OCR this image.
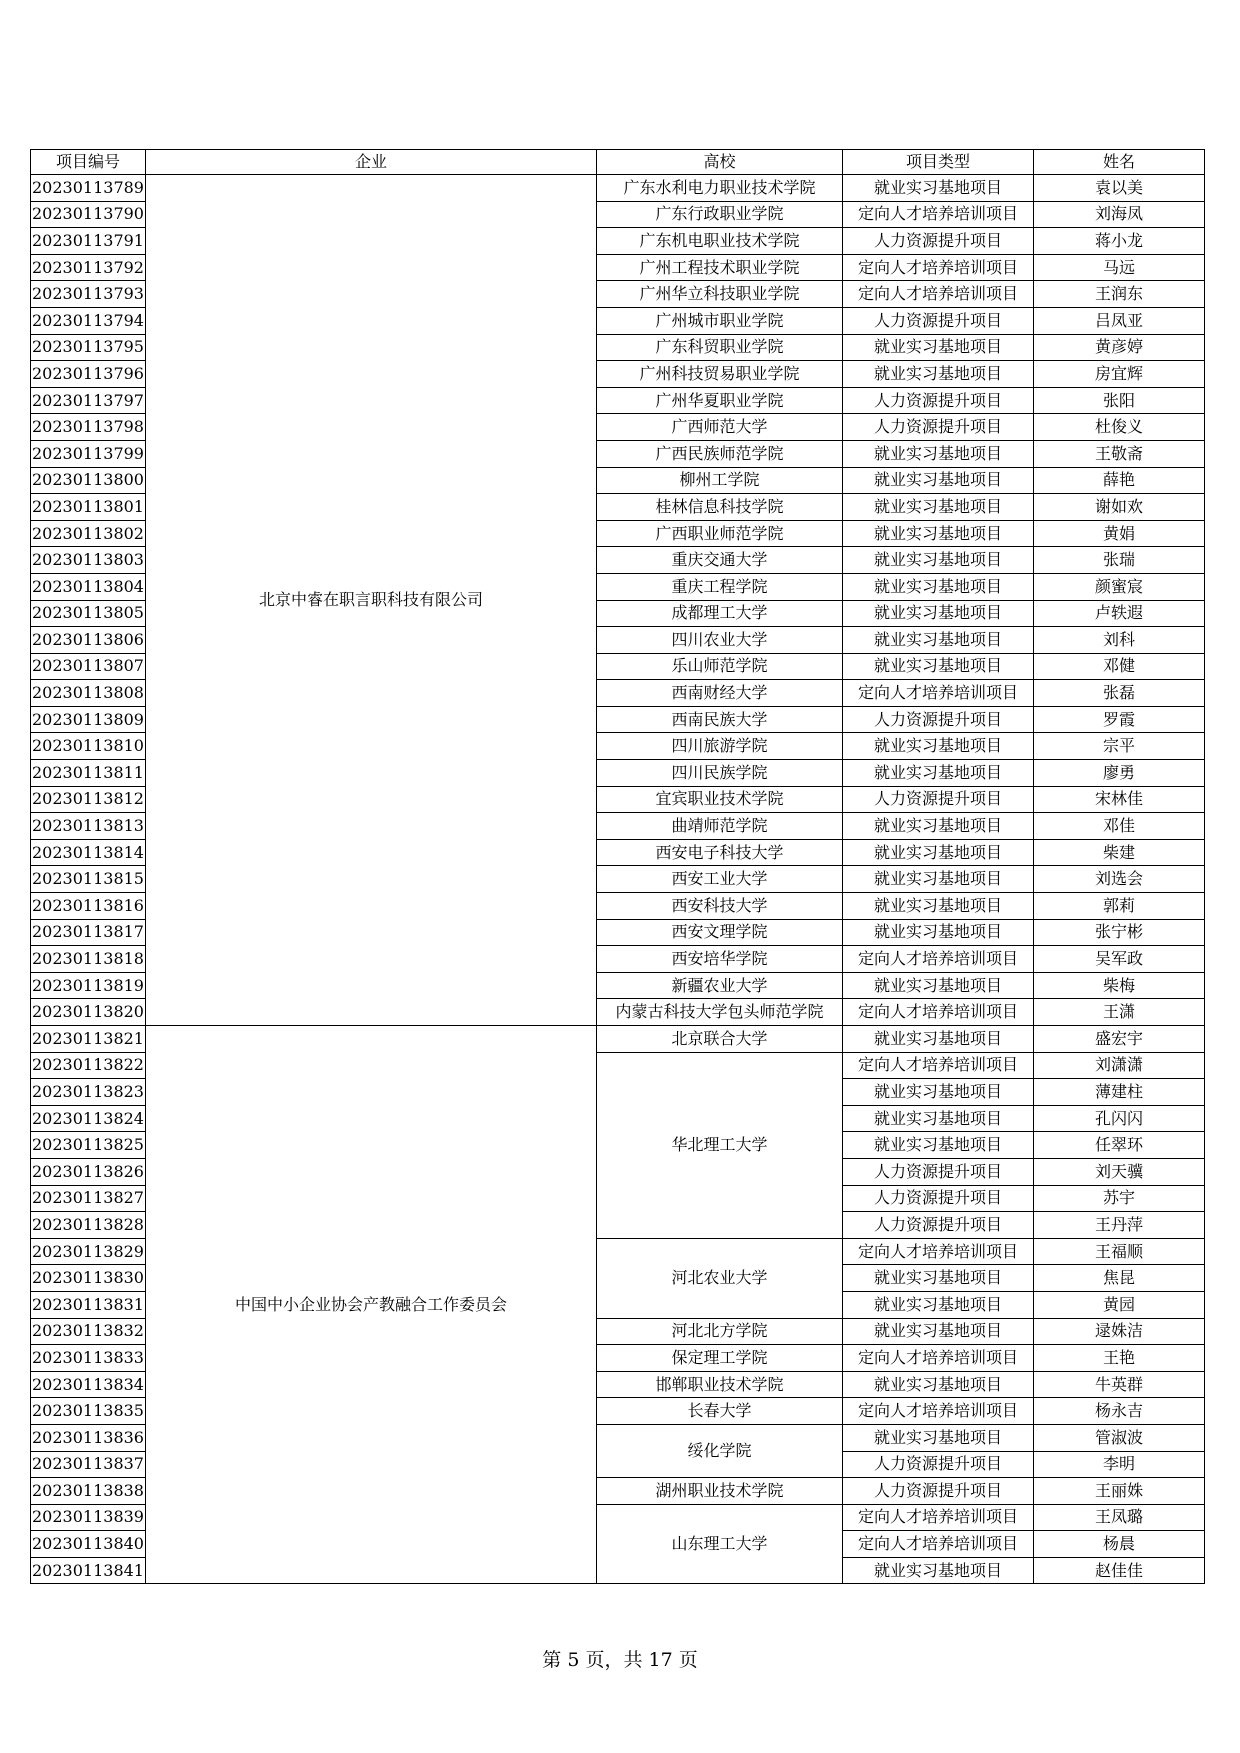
项目编号	企业	高校	项目类型	姓名
20230113789	北京中睿在职言职科技有限公司	广东水利电力职业技术学院	就业实习基地项目	袁以美
20230113790		广东行政职业学院	定向人才培养培训项目	刘海凤
20230113791		广东机电职业技术学院	人力资源提升项目	蒋小龙
20230113792		广州工程技术职业学院	定向人才培养培训项目	马远
20230113793		广州华立科技职业学院	定向人才培养培训项目	王润东
20230113794		广州城市职业学院	人力资源提升项目	吕凤亚
20230113795		广东科贸职业学院	就业实习基地项目	黄彦婷
20230113796		广州科技贸易职业学院	就业实习基地项目	房宜辉
20230113797		广州华夏职业学院	人力资源提升项目	张阳
20230113798		广西师范大学	人力资源提升项目	杜俊义
20230113799		广西民族师范学院	就业实习基地项目	王敬斋
20230113800		柳州工学院	就业实习基地项目	薛艳
20230113801		桂林信息科技学院	就业实习基地项目	谢如欢
20230113802		广西职业师范学院	就业实习基地项目	黄娟
20230113803		重庆交通大学	就业实习基地项目	张瑞
20230113804		重庆工程学院	就业实习基地项目	颜蜜宸
20230113805		成都理工大学	就业实习基地项目	卢轶遐
20230113806		四川农业大学	就业实习基地项目	刘科
20230113807		乐山师范学院	就业实习基地项目	邓健
20230113808		西南财经大学	定向人才培养培训项目	张磊
20230113809		西南民族大学	人力资源提升项目	罗霞
20230113810		四川旅游学院	就业实习基地项目	宗平
20230113811		四川民族学院	就业实习基地项目	廖勇
20230113812		宜宾职业技术学院	人力资源提升项目	宋林佳
20230113813		曲靖师范学院	就业实习基地项目	邓佳
20230113814		西安电子科技大学	就业实习基地项目	柴建
20230113815		西安工业大学	就业实习基地项目	刘选会
20230113816		西安科技大学	就业实习基地项目	郭莉
20230113817		西安文理学院	就业实习基地项目	张宁彬
20230113818		西安培华学院	定向人才培养培训项目	吴军政
20230113819		新疆农业大学	就业实习基地项目	柴梅
20230113820		内蒙古科技大学包头师范学院	定向人才培养培训项目	王潇
20230113821	中国中小企业协会产教融合工作委员会	北京联合大学	就业实习基地项目	盛宏宇
20230113822		华北理工大学	定向人才培养培训项目	刘潇潇
20230113823			就业实习基地项目	薄建柱
20230113824			就业实习基地项目	孔闪闪
20230113825			就业实习基地项目	任翠环
20230113826			人力资源提升项目	刘天骥
20230113827			人力资源提升项目	苏宇
20230113828			人力资源提升项目	王丹萍
20230113829		河北农业大学	定向人才培养培训项目	王福顺
20230113830			就业实习基地项目	焦昆
20230113831			就业实习基地项目	黄园
20230113832		河北北方学院	就业实习基地项目	逯姝洁
20230113833		保定理工学院	定向人才培养培训项目	王艳
20230113834		邯郸职业技术学院	就业实习基地项目	牛英群
20230113835		长春大学	定向人才培养培训项目	杨永吉
20230113836		绥化学院	就业实习基地项目	管淑波
20230113837			人力资源提升项目	李明
20230113838		湖州职业技术学院	人力资源提升项目	王丽姝
20230113839		山东理工大学	定向人才培养培训项目	王凤璐
20230113840			定向人才培养培训项目	杨晨
20230113841			就业实习基地项目	赵佳佳
第 5 页，共 17 页
